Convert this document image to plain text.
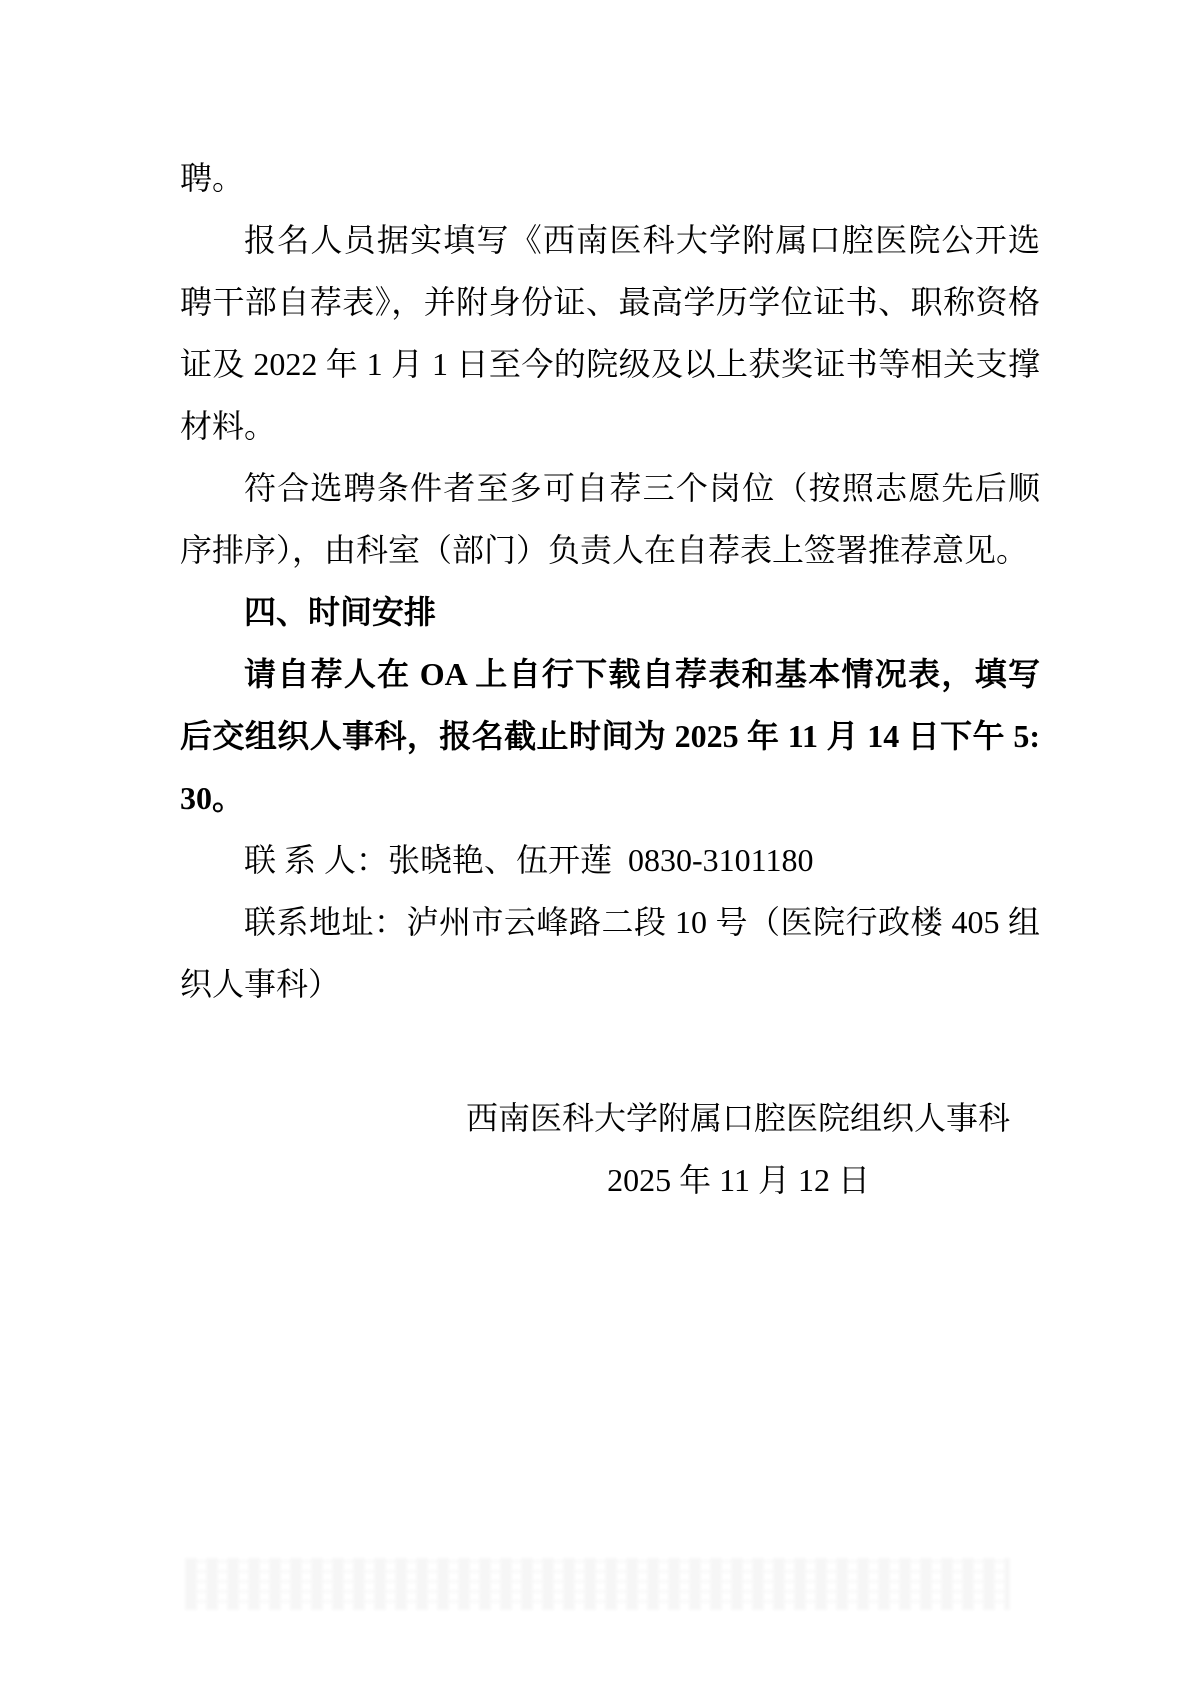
聘。

报名人员据实填写《西南医科大学附属口腔医院公开选聘干部自荐表》，并附身份证、最高学历学位证书、职称资格证及 2022 年 1 月 1 日至今的院级及以上获奖证书等相关支撑材料。

符合选聘条件者至多可自荐三个岗位（按照志愿先后顺序排序），由科室（部门）负责人在自荐表上签署推荐意见。

四、时间安排

请自荐人在 OA 上自行下载自荐表和基本情况表，填写后交组织人事科，报名截止时间为 2025 年 11 月 14 日下午 5:30。

联 系 人：张晓艳、伍开莲  0830-3101180

联系地址：泸州市云峰路二段 10 号（医院行政楼 405 组织人事科）

西南医科大学附属口腔医院组织人事科

2025 年 11 月 12 日
